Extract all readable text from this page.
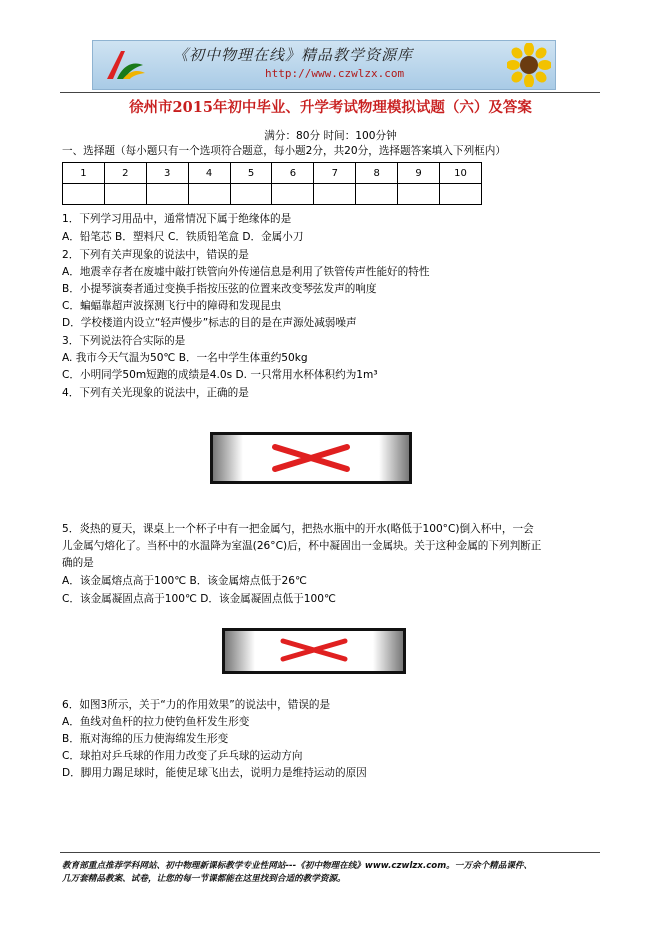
《初中物理在线》精品教学资源库
http://www.czwlzx.com
徐州市2015年初中毕业、升学考试物理模拟试题（六）及答案
满分：80分 时间：100分钟
一、选择题（每小题只有一个选项符合题意，每小题2分，共20分，选择题答案填入下列框内）
1	2	3	4	5	6	7	8	9	10

1．下列学习用品中，通常情况下属于绝缘体的是
A．铅笔芯 B．塑料尺 C．铁质铅笔盒 D．金属小刀
2．下列有关声现象的说法中，错误的是
A．地震幸存者在废墟中敲打铁管向外传递信息是利用了铁管传声性能好的特性
B．小提琴演奏者通过变换手指按压弦的位置来改变琴弦发声的响度
C．蝙蝠靠超声波探测飞行中的障碍和发现昆虫
D．学校楼道内设立“轻声慢步”标志的目的是在声源处减弱噪声
3．下列说法符合实际的是
A. 我市今天气温为50℃ B．一名中学生体重约50kg
C．小明同学50m短跑的成绩是4.0s D. 一只常用水杯体积约为1m³
4．下列有关光现象的说法中，正确的是
5．炎热的夏天，课桌上一个杯子中有一把金属勺，把热水瓶中的开水(略低于100°C)倒入杯中，一会
儿金属勺熔化了。当杯中的水温降为室温(26°C)后，杯中凝固出一金属块。关于这种金属的下列判断正
确的是
A．该金属熔点高于100℃ B．该金属熔点低于26℃
C．该金属凝固点高于100℃ D．该金属凝固点低于100℃
6．如图3所示，关于“力的作用效果”的说法中，错误的是
A．鱼线对鱼杆的拉力使钓鱼杆发生形变
B．瓶对海绵的压力使海绵发生形变
C．球拍对乒乓球的作用力改变了乒乓球的运动方向
D．脚用力踢足球时，能使足球飞出去，说明力是维持运动的原因
教育部重点推荐学科网站、初中物理新课标教学专业性网站---《初中物理在线》www.czwlzx.com。一万余个精品课件、
几万套精品教案、试卷，让您的每一节课都能在这里找到合适的教学资源。
